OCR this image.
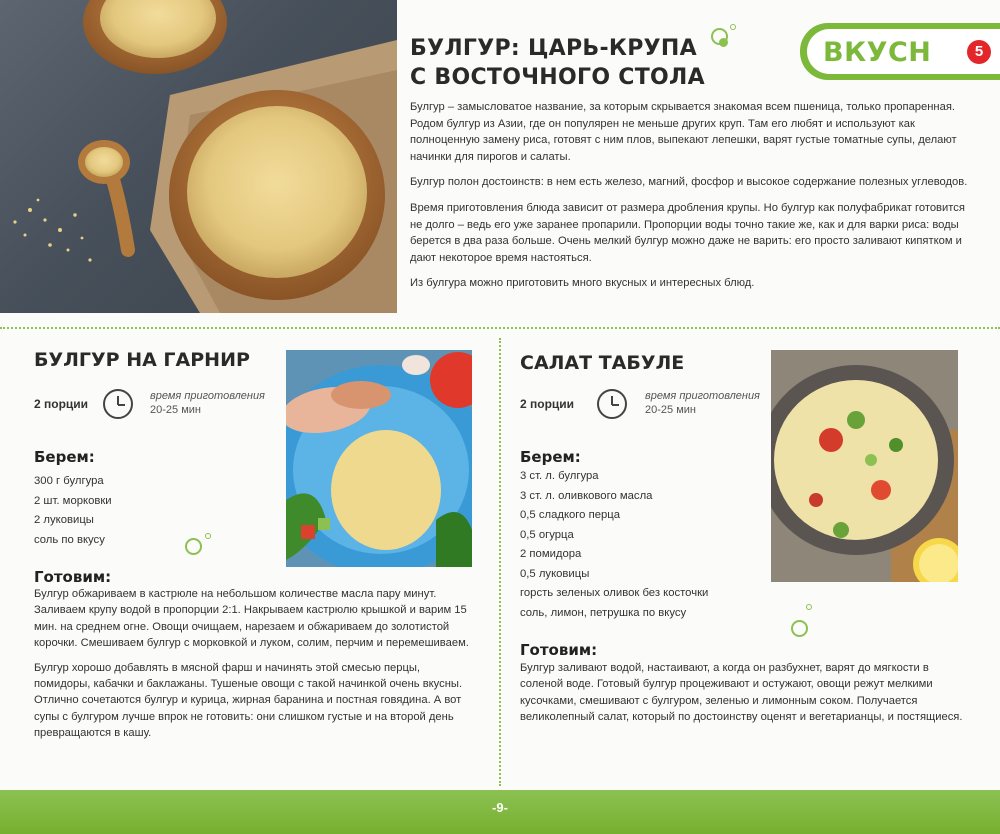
БУЛГУР: ЦАРЬ-КРУПА
С ВОСТОЧНОГО СТОЛА
ВКУСН	5

Булгур – замысловатое название, за которым скрывается знакомая всем пшеница, только пропаренная. Родом булгур из Азии, где он популярен не меньше других круп. Там его любят и используют как полноценную замену риса, готовят с ним плов, выпекают лепешки, варят густые томатные супы, делают начинки для пирогов и салаты.

Булгур полон достоинств: в нем есть железо, магний, фосфор и высокое содержание полезных углеводов.

Время приготовления блюда зависит от размера дробления крупы. Но булгур как полуфабрикат готовится не долго – ведь его уже заранее пропарили. Пропорции воды точно такие же, как и для варки риса: воды берется в два раза больше. Очень мелкий булгур можно даже не варить: его просто заливают кипятком и дают некоторое время настояться.

Из булгура можно приготовить много вкусных и интересных блюд.

БУЛГУР НА ГАРНИР
2 порции
время приготовления
20-25 мин
Берем:
300 г булгура
2 шт. морковки
2 луковицы
соль по вкусу
Готовим:

Булгур обжариваем в кастрюле на небольшом количестве масла пару минут. Заливаем крупу водой в пропорции 2:1. Накрываем кастрюлю крышкой и варим 15 мин. на среднем огне. Овощи очищаем, нарезаем и обжариваем до золотистой корочки. Смешиваем булгур с морковкой и луком, солим, перчим и перемешиваем.

Булгур хорошо добавлять в мясной фарш и начинять этой смесью перцы, помидоры, кабачки и баклажаны. Тушеные овощи с такой начинкой очень вкусны. Отлично сочетаются булгур и курица, жирная баранина и постная говядина. А вот супы с булгуром лучше впрок не готовить: они слишком густые и на второй день превращаются в кашу.

САЛАТ ТАБУЛЕ
2 порции
время приготовления
20-25 мин
Берем:
3 ст. л. булгура
3 ст. л. оливкового масла
0,5 сладкого перца
0,5 огурца
2 помидора
0,5 луковицы
горсть зеленых оливок без косточки
соль, лимон, петрушка по вкусу
Готовим:

Булгур заливают водой, настаивают, а когда он разбухнет, варят до мягкости в соленой воде. Готовый булгур процеживают и остужают, овощи режут мелкими кусочками, смешивают с булгуром, зеленью и лимонным соком. Получается великолепный салат, который по достоинству оценят и вегетарианцы, и постящиеся.

-9-
